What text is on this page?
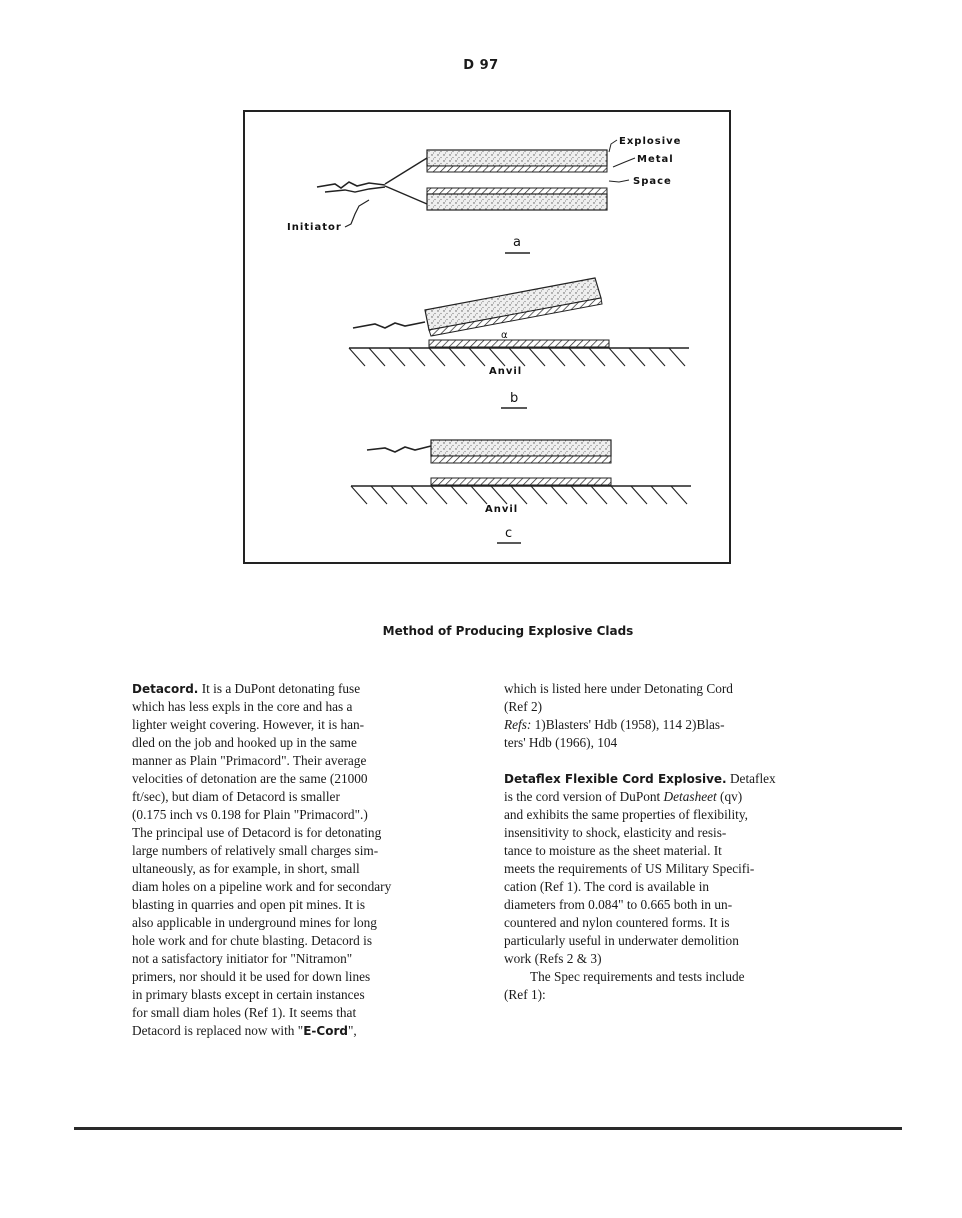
D 97
Explosive
Metal
Space
Initiator
a
α
Anvil
b
Anvil
c
Method of Producing Explosive Clads

Detacord. It is a DuPont detonating fuse

which has less expls in the core and has a

lighter weight covering. However, it is han-

dled on the job and hooked up in the same

manner as Plain "Primacord". Their average

velocities of detonation are the same (21000

ft/sec), but diam of Detacord is smaller

(0.175 inch vs 0.198 for Plain "Primacord".)

The principal use of Detacord is for detonating

large numbers of relatively small charges sim-

ultaneously, as for example, in short, small

diam holes on a pipeline work and for secondary

blasting in quarries and open pit mines. It is

also applicable in underground mines for long

hole work and for chute blasting. Detacord is

not a satisfactory initiator for "Nitramon"

primers, nor should it be used for down lines

in primary blasts except in certain instances

for small diam holes (Ref 1). It seems that

Detacord is replaced now with "E-Cord",

which is listed here under Detonating Cord

(Ref 2)

Refs: 1)Blasters' Hdb (1958), 114 2)Blas-

ters' Hdb (1966), 104

Detaflex Flexible Cord Explosive. Detaflex

is the cord version of DuPont Detasheet (qv)

and exhibits the same properties of flexibility,

insensitivity to shock, elasticity and resis-

tance to moisture as the sheet material. It

meets the requirements of US Military Specifi-

cation (Ref 1). The cord is available in

diameters from 0.084" to 0.665 both in un-

countered and nylon countered forms. It is

particularly useful in underwater demolition

work (Refs 2 & 3)

The Spec requirements and tests include

(Ref 1):
